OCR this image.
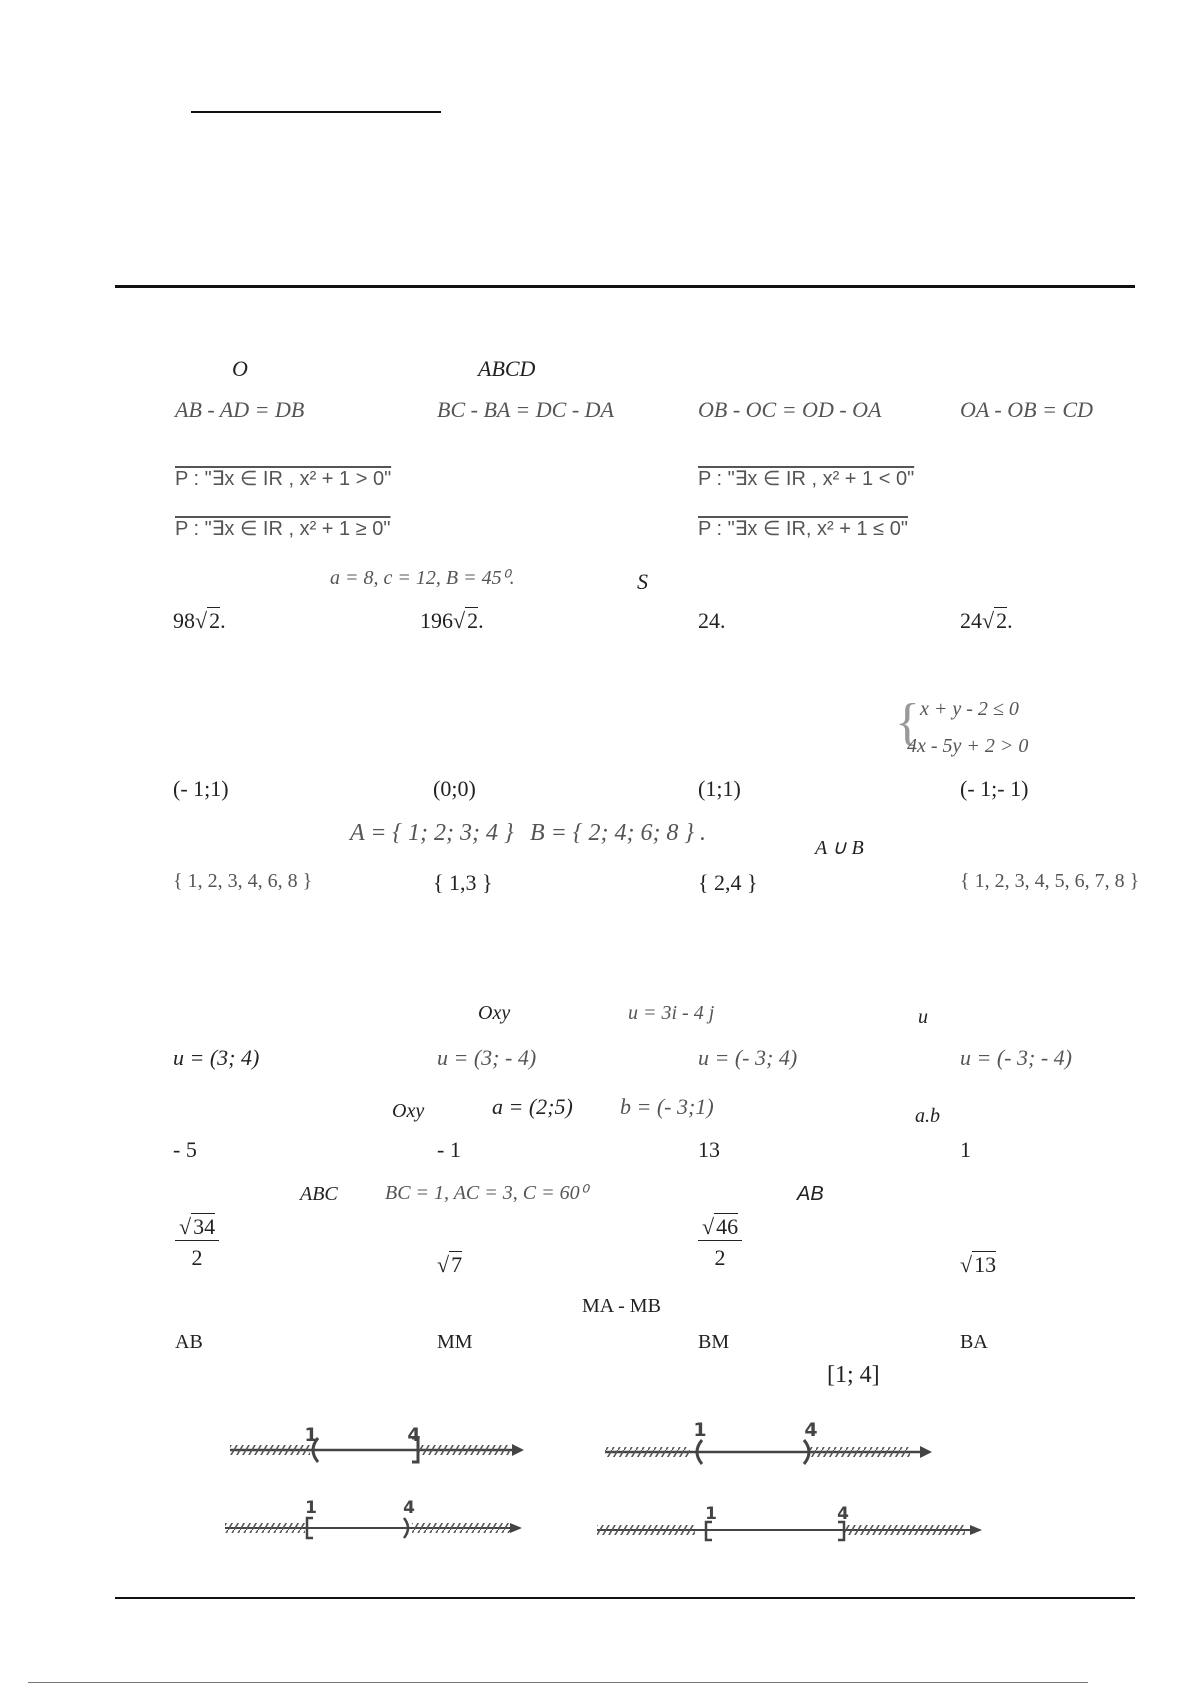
O	ABCD
AB - AD = DB	BC - BA = DC - DA	OB - OC = OD - OA	OA - OB = CD
P : "∃x ∈ IR , x² + 1 > 0"	P : "∃x ∈ IR , x² + 1 < 0"
P : "∃x ∈ IR , x² + 1 ≥ 0"	P : "∃x ∈ IR, x² + 1 ≤ 0"
a = 8, c = 12, B = 45⁰.	S
98√2.	196√2.	24.	24√2.
{ x + y - 2 ≤ 0
4x - 5y + 2 > 0
(- 1;1)	(0;0)	(1;1)	(- 1;- 1)
A = { 1; 2; 3; 4 } B = { 2; 4; 6; 8 } .
A ∪ B
{ 1, 2, 3, 4, 6, 8 }	{ 1,3 }	{ 2,4 }	{ 1, 2, 3, 4, 5, 6, 7, 8 }
Oxy	u = 3i - 4 j	u
u = (3; 4)	u = (3; - 4)	u = (- 3; 4)	u = (- 3; - 4)
Oxy	a = (2;5) b = (- 3;1)	a.b
- 5	- 1	13	1
ABC BC = 1, AC = 3, C = 60⁰	AB
$\frac{√34}{2}$	√7	$\frac{√46}{2}$	√13
MA - MB
AB	MM	BM	BA
[1; 4]
1	4	1	4
1	4	1	4
